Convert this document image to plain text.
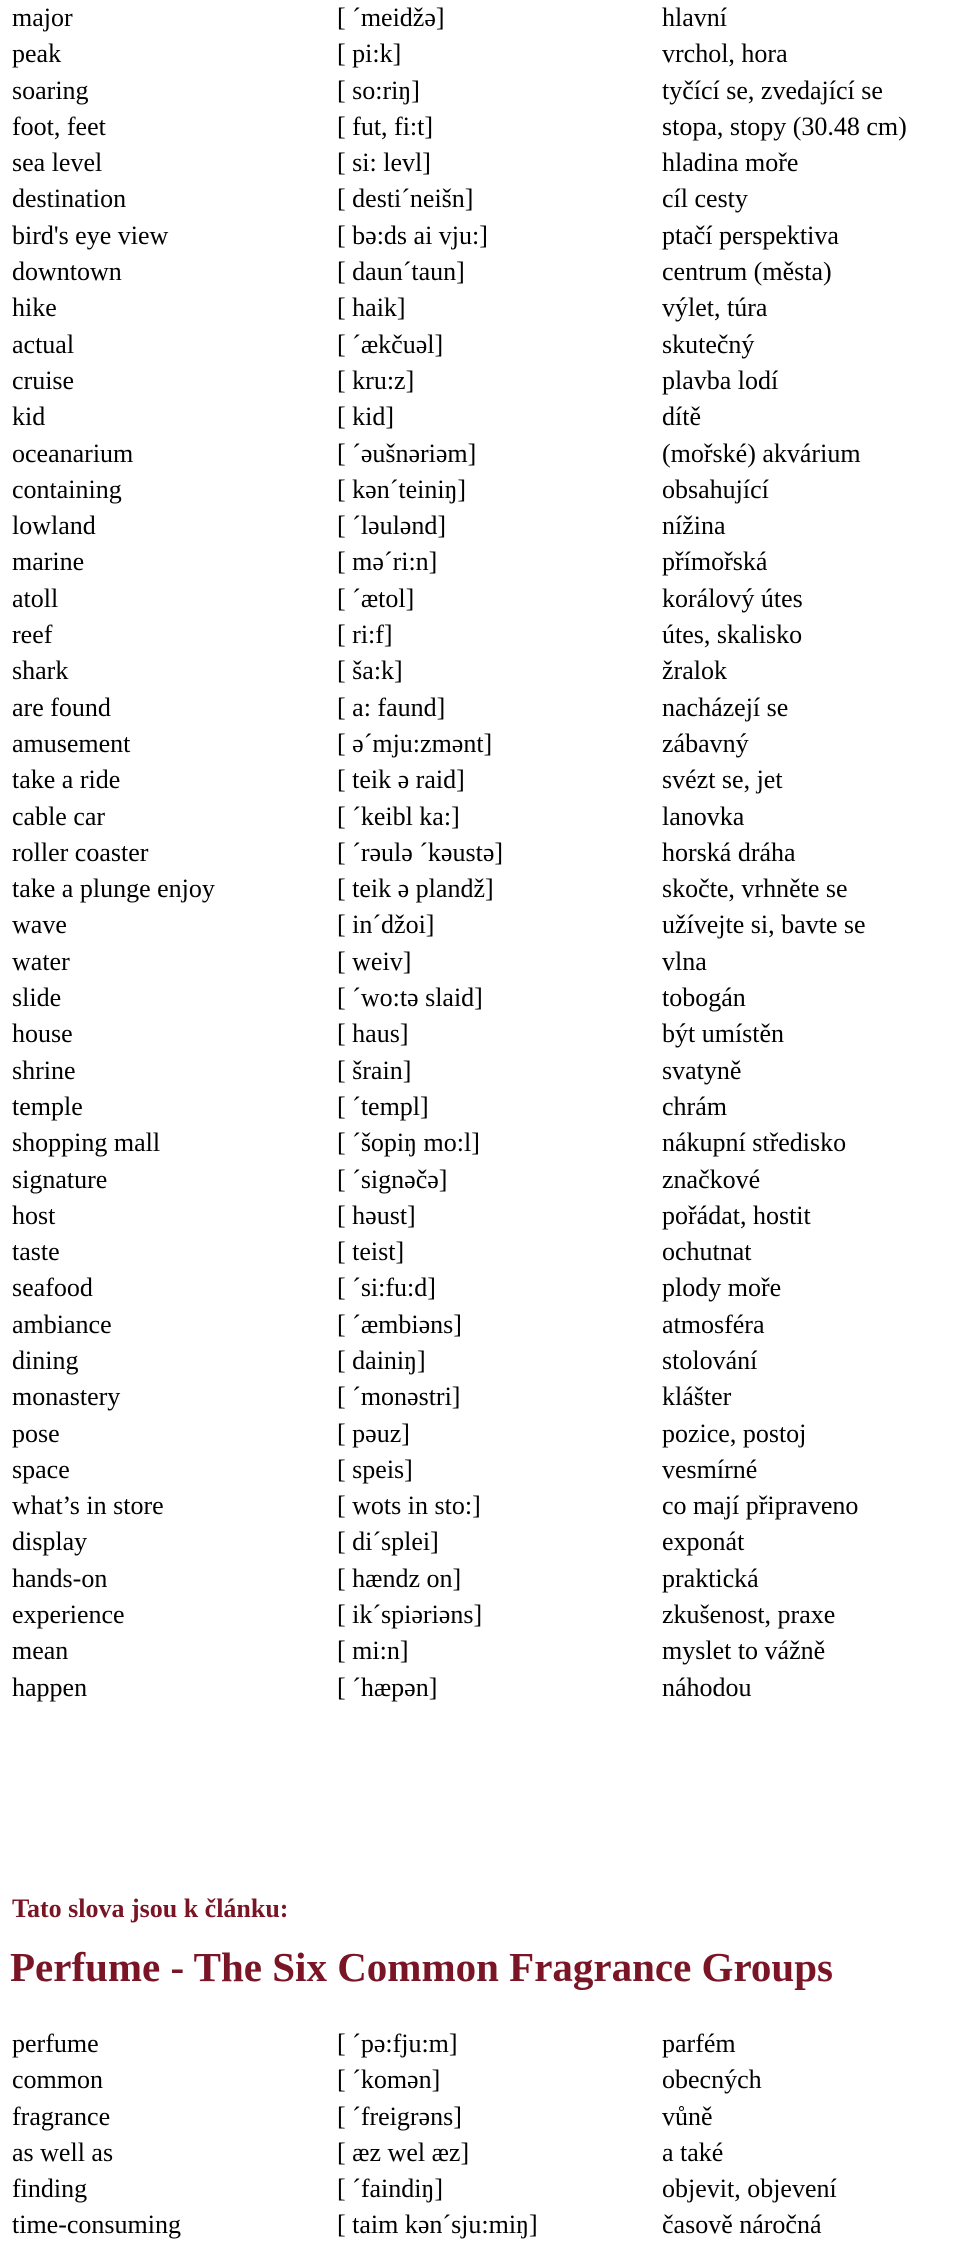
major	[ ´meidžə]	hlavní
peak	[ pi:k]	vrchol, hora
soaring	[ so:riŋ]	tyčící se, zvedající se
foot, feet	[ fut, fi:t]	stopa, stopy (30.48 cm)
sea level	[ si: levl]	hladina moře
destination	[ desti´neišn]	cíl cesty
bird's eye view	[ bə:ds ai vju:]	ptačí perspektiva
downtown	[ daun´taun]	centrum (města)
hike	[ haik]	výlet, túra
actual	[ ´ækčuəl]	skutečný
cruise	[ kru:z]	plavba lodí
kid	[ kid]	dítě
oceanarium	[ ´əušnəriəm]	(mořské) akvárium
containing	[ kən´teiniŋ]	obsahující
lowland	[ ´ləulənd]	nížina
marine	[ mə´ri:n]	přímořská
atoll	[ ´ætol]	korálový útes
reef	[ ri:f]	útes, skalisko
shark	[ ša:k]	žralok
are found	[ a: faund]	nacházejí se
amusement	[ ə´mju:zmənt]	zábavný
take a ride	[ teik ə raid]	svézt se, jet
cable car	[ ´keibl ka:]	lanovka
roller coaster	[ ´rəulə ´kəustə]	horská dráha
take a plunge enjoy	[ teik ə plandž]	skočte, vrhněte se
wave	[ in´džoi]	užívejte si, bavte se
water	[ weiv]	vlna
slide	[ ´wo:tə slaid]	tobogán
house	[ haus]	být umístěn
shrine	[ šrain]	svatyně
temple	[ ´templ]	chrám
shopping mall	[ ´šopiŋ mo:l]	nákupní středisko
signature	[ ´signəčə]	značkové
host	[ həust]	pořádat, hostit
taste	[ teist]	ochutnat
seafood	[ ´si:fu:d]	plody moře
ambiance	[ ´æmbiəns]	atmosféra
dining	[ dainiŋ]	stolování
monastery	[ ´monəstri]	klášter
pose	[ pəuz]	pozice, postoj
space	[ speis]	vesmírné
what’s in store	[ wots in sto:]	co mají připraveno
display	[ di´splei]	exponát
hands-on	[ hændz on]	praktická
experience	[ ik´spiəriəns]	zkušenost, praxe
mean	[ mi:n]	myslet to vážně
happen	[ ´hæpən]	náhodou
Tato slova jsou k článku:
Perfume - The Six Common Fragrance Groups
perfume	[ ´pə:fju:m]	parfém
common	[ ´komən]	obecných
fragrance	[ ´freigrəns]	vůně
as well as	[ æz wel æz]	a také
finding	[ ´faindiŋ]	objevit, objevení
time-consuming	[ taim kən´sju:miŋ]	časově náročná
